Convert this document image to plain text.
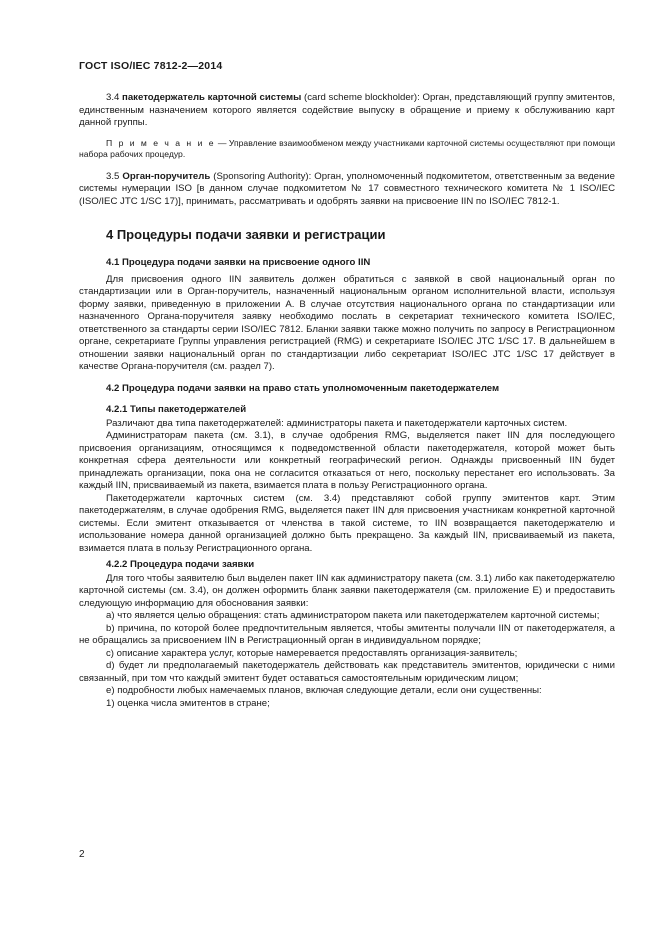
ГОСТ ISO/IEC 7812-2—2014

3.4 пакетодержатель карточной системы (card scheme blockholder): Орган, представляющий группу эмитентов, единственным назначением которого является содействие выпуску в обращение и приему к обслуживанию карт данной группы.

П р и м е ч а н и е — Управление взаимообменом между участниками карточной системы осуществляют при помощи набора рабочих процедур.

3.5 Орган-поручитель (Sponsoring Authority): Орган, уполномоченный подкомитетом, ответственным за ведение системы нумерации ISO [в данном случае подкомитетом № 17 совместного технического комитета № 1 ISO/IEC (ISO/IEC JTC 1/SC 17)], принимать, рассматривать и одобрять заявки на присвоение IIN по ISO/IEC 7812-1.

4 Процедуры подачи заявки и регистрации
4.1 Процедура подачи заявки на присвоение одного IIN

Для присвоения одного IIN заявитель должен обратиться с заявкой в свой национальный орган по стандартизации или в Орган-поручитель, назначенный национальным органом исполнительной власти, используя форму заявки, приведенную в приложении А. В случае отсутствия национального органа по стандартизации или назначенного Органа-поручителя заявку необходимо послать в секретариат технического комитета ISO/IEC, ответственного за стандарты серии ISO/IEC 7812. Бланки заявки также можно получить по запросу в Регистрационном органе, секретариате Группы управления регистрацией (RMG) и секретариате ISO/IEC JTC 1/SC 17. В дальнейшем в отношении заявки национальный орган по стандартизации либо секретариат ISO/IEC JTC 1/SC 17 действует в качестве Органа-поручителя (см. раздел 7).

4.2 Процедура подачи заявки на право стать уполномоченным пакетодержателем
4.2.1 Типы пакетодержателей

Различают два типа пакетодержателей: администраторы пакета и пакетодержатели карточных систем.

Администраторам пакета (см. 3.1), в случае одобрения RMG, выделяется пакет IIN для последующего присвоения организациям, относящимся к подведомственной области пакетодержателя, которой может быть конкретная сфера деятельности или конкретный географический регион. Однажды присвоенный IIN будет принадлежать организации, пока она не согласится отказаться от него, поскольку перестанет его использовать. За каждый IIN, присваиваемый из пакета, взимается плата в пользу Регистрационного органа.

Пакетодержатели карточных систем (см. 3.4) представляют собой группу эмитентов карт. Этим пакетодержателям, в случае одобрения RMG, выделяется пакет IIN для присвоения участникам конкретной карточной системы. Если эмитент отказывается от членства в такой системе, то IIN возвращается пакетодержателю и использование номера данной организацией должно быть прекращено. За каждый IIN, присваиваемый из пакета, взимается плата в пользу Регистрационного органа.

4.2.2 Процедура подачи заявки

Для того чтобы заявителю был выделен пакет IIN как администратору пакета (см. 3.1) либо как пакетодержателю карточной системы (см. 3.4), он должен оформить бланк заявки пакетодержателя (см. приложение Е) и предоставить следующую информацию для обоснования заявки:

а) что является целью обращения: стать администратором пакета или пакетодержателем карточной системы;

b) причина, по которой более предпочтительным является, чтобы эмитенты получали IIN от пакетодержателя, а не обращались за присвоением IIN в Регистрационный орган в индивидуальном порядке;

с) описание характера услуг, которые намеревается предоставлять организация-заявитель;

d) будет ли предполагаемый пакетодержатель действовать как представитель эмитентов, юридически с ними связанный, при том что каждый эмитент будет оставаться самостоятельным юридическим лицом;

е) подробности любых намечаемых планов, включая следующие детали, если они существенны:

1) оценка числа эмитентов в стране;

2
